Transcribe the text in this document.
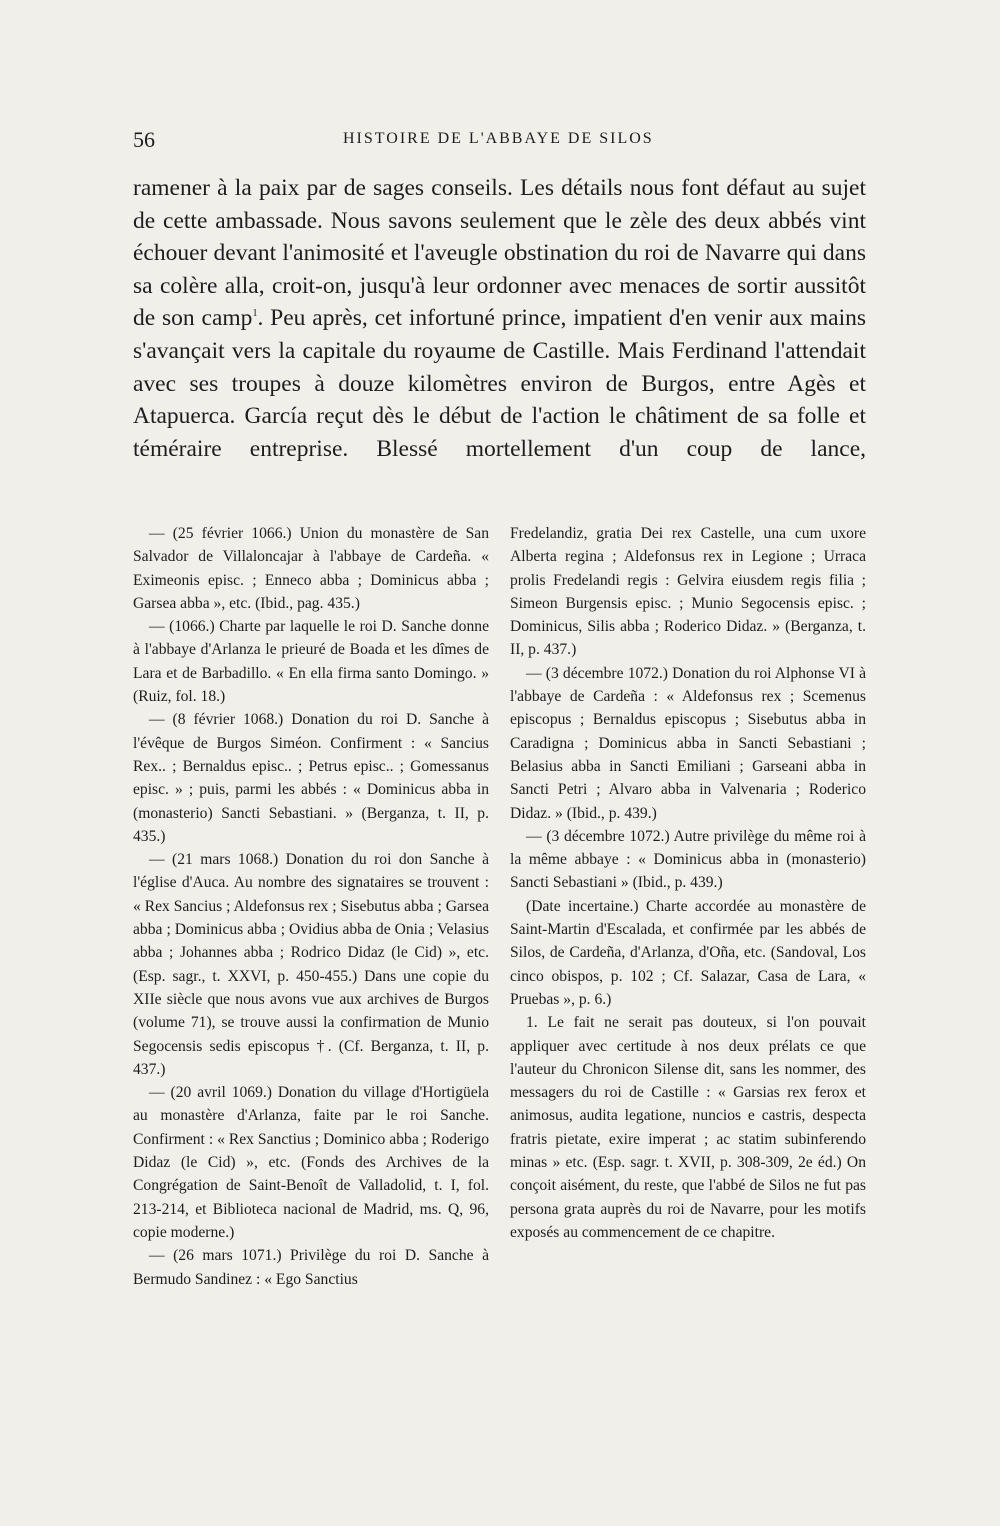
56	HISTOIRE DE L'ABBAYE DE SILOS

ramener à la paix par de sages conseils. Les détails nous font défaut au sujet de cette ambassade. Nous savons seulement que le zèle des deux abbés vint échouer devant l'animosité et l'aveugle obstination du roi de Navarre qui dans sa colère alla, croit-on, jusqu'à leur ordonner avec menaces de sortir aussitôt de son camp$^1$. Peu après, cet infortuné prince, impatient d'en venir aux mains s'avançait vers la capitale du royaume de Castille. Mais Ferdinand l'attendait avec ses troupes à douze kilomètres environ de Burgos, entre Agès et Atapuerca. García reçut dès le début de l'action le châtiment de sa folle et téméraire entreprise. Blessé mortellement d'un coup de lance,

— (25 février 1066.) Union du monastère de San Salvador de Villaloncajar à l'abbaye de Cardeña. « Eximeonis episc. ; Enneco abba ; Dominicus abba ; Garsea abba », etc. (Ibid., pag. 435.)

— (1066.) Charte par laquelle le roi D. Sanche donne à l'abbaye d'Arlanza le prieuré de Boada et les dîmes de Lara et de Barbadillo. « En ella firma santo Domingo. » (Ruiz, fol. 18.)

— (8 février 1068.) Donation du roi D. Sanche à l'évêque de Burgos Siméon. Confirment : « Sancius Rex.. ; Bernaldus episc.. ; Petrus episc.. ; Gomessanus episc. » ; puis, parmi les abbés : « Dominicus abba in (monasterio) Sancti Sebastiani. » (Berganza, t. II, p. 435.)

— (21 mars 1068.) Donation du roi don Sanche à l'église d'Auca. Au nombre des signataires se trouvent : « Rex Sancius ; Aldefonsus rex ; Sisebutus abba ; Garsea abba ; Dominicus abba ; Ovidius abba de Onia ; Velasius abba ; Johannes abba ; Rodrico Didaz (le Cid) », etc. (Esp. sagr., t. XXVI, p. 450-455.) Dans une copie du XIIe siècle que nous avons vue aux archives de Burgos (volume 71), se trouve aussi la confirmation de Munio Segocensis sedis episcopus †. (Cf. Berganza, t. II, p. 437.)

— (20 avril 1069.) Donation du village d'Hortigüela au monastère d'Arlanza, faite par le roi Sanche. Confirment : « Rex Sanctius ; Dominico abba ; Roderigo Didaz (le Cid) », etc. (Fonds des Archives de la Congrégation de Saint-Benoît de Valladolid, t. I, fol. 213-214, et Biblioteca nacional de Madrid, ms. Q, 96, copie moderne.)

— (26 mars 1071.) Privilège du roi D. Sanche à Bermudo Sandinez : « Ego Sanctius

Fredelandiz, gratia Dei rex Castelle, una cum uxore Alberta regina ; Aldefonsus rex in Legione ; Urraca prolis Fredelandi regis : Gelvira eiusdem regis filia ; Simeon Burgensis episc. ; Munio Segocensis episc. ; Dominicus, Silis abba ; Roderico Didaz. » (Berganza, t. II, p. 437.)

— (3 décembre 1072.) Donation du roi Alphonse VI à l'abbaye de Cardeña : « Aldefonsus rex ; Scemenus episcopus ; Bernaldus episcopus ; Sisebutus abba in Caradigna ; Dominicus abba in Sancti Sebastiani ; Belasius abba in Sancti Emiliani ; Garseani abba in Sancti Petri ; Alvaro abba in Valvenaria ; Roderico Didaz. » (Ibid., p. 439.)

— (3 décembre 1072.) Autre privilège du même roi à la même abbaye : « Dominicus abba in (monasterio) Sancti Sebastiani » (Ibid., p. 439.)

(Date incertaine.) Charte accordée au monastère de Saint-Martin d'Escalada, et confirmée par les abbés de Silos, de Cardeña, d'Arlanza, d'Oña, etc. (Sandoval, Los cinco obispos, p. 102 ; Cf. Salazar, Casa de Lara, « Pruebas », p. 6.)

1. Le fait ne serait pas douteux, si l'on pouvait appliquer avec certitude à nos deux prélats ce que l'auteur du Chronicon Silense dit, sans les nommer, des messagers du roi de Castille : « Garsias rex ferox et animosus, audita legatione, nuncios e castris, despecta fratris pietate, exire imperat ; ac statim subinferendo minas » etc. (Esp. sagr. t. XVII, p. 308-309, 2e éd.) On conçoit aisément, du reste, que l'abbé de Silos ne fut pas persona grata auprès du roi de Navarre, pour les motifs exposés au commencement de ce chapitre.
